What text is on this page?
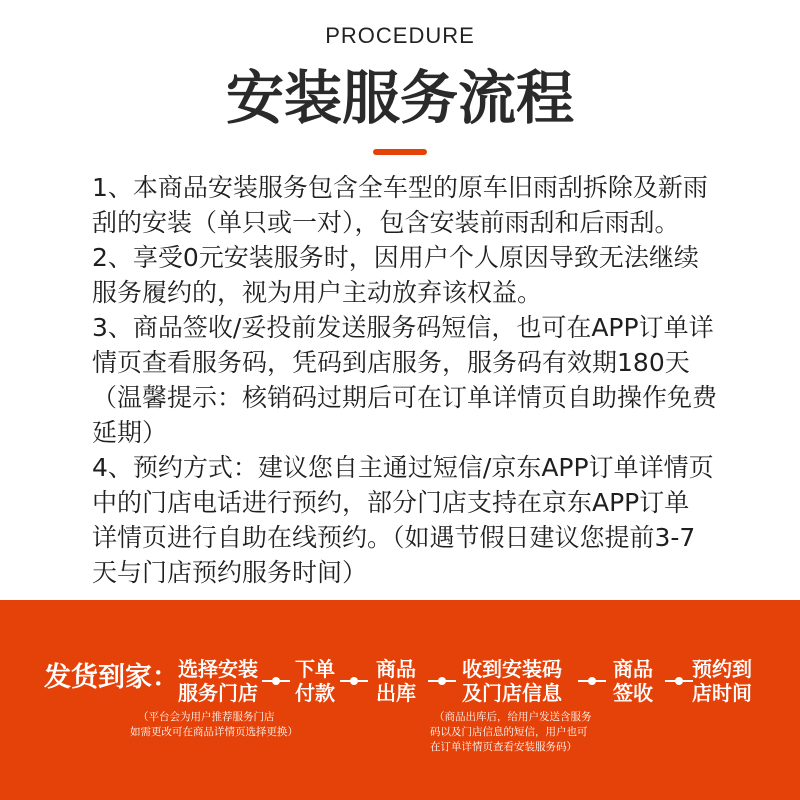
PROCEDURE
安装服务流程

1、本商品安装服务包含全车型的原车旧雨刮拆除及新雨

刮的安装（单只或一对），包含安装前雨刮和后雨刮。

2、享受0元安装服务时，因用户个人原因导致无法继续

服务履约的，视为用户主动放弃该权益。

3、商品签收/妥投前发送服务码短信，也可在APP订单详

情页查看服务码，凭码到店服务，服务码有效期180天

（温馨提示：核销码过期后可在订单详情页自助操作免费

延期）

4、预约方式：建议您自主通过短信/京东APP订单详情页

中的门店电话进行预约，部分门店支持在京东APP订单

详情页进行自助在线预约。（如遇节假日建议您提前3-7

天与门店预约服务时间）

发货到家： 选择安装
服务门店
下单
付款
商品
出库
收到安装码
及门店信息
商品
签收
预约到
店时间
（平台会为用户推荐服务门店
如需更改可在商品详情页选择更换）
（商品出库后，给用户发送含服务
码以及门店信息的短信，用户也可
在订单详情页查看安装服务码）
